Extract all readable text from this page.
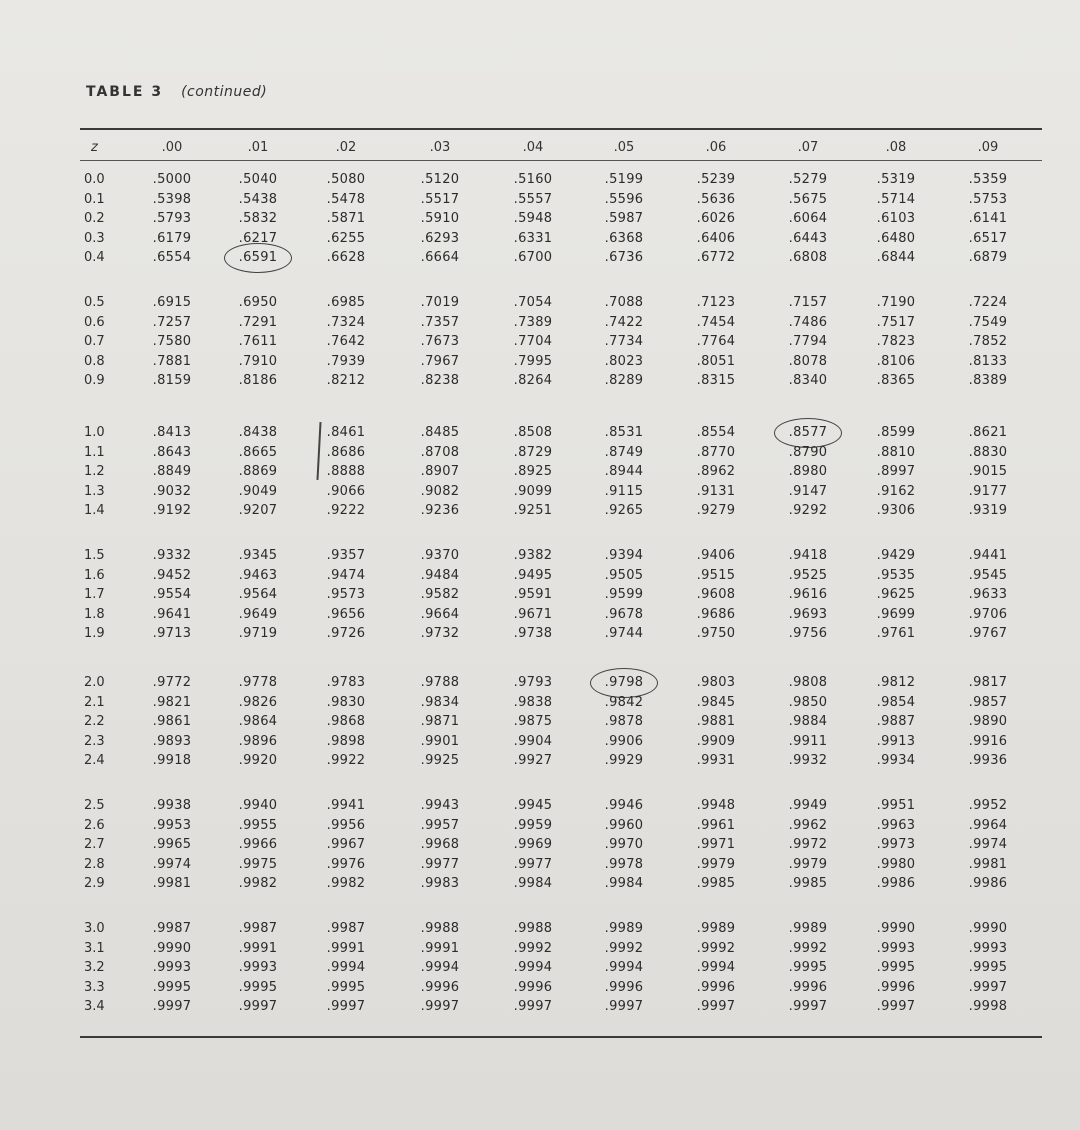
TABLE 3 (continued)
z	.00	.01	.02	.03	.04	.05	.06	.07	.08	.09
0.0	.5000	.5040	.5080	.5120	.5160	.5199	.5239	.5279	.5319	.5359
0.1	.5398	.5438	.5478	.5517	.5557	.5596	.5636	.5675	.5714	.5753
0.2	.5793	.5832	.5871	.5910	.5948	.5987	.6026	.6064	.6103	.6141
0.3	.6179	.6217	.6255	.6293	.6331	.6368	.6406	.6443	.6480	.6517
0.4	.6554	.6591	.6628	.6664	.6700	.6736	.6772	.6808	.6844	.6879
0.5	.6915	.6950	.6985	.7019	.7054	.7088	.7123	.7157	.7190	.7224
0.6	.7257	.7291	.7324	.7357	.7389	.7422	.7454	.7486	.7517	.7549
0.7	.7580	.7611	.7642	.7673	.7704	.7734	.7764	.7794	.7823	.7852
0.8	.7881	.7910	.7939	.7967	.7995	.8023	.8051	.8078	.8106	.8133
0.9	.8159	.8186	.8212	.8238	.8264	.8289	.8315	.8340	.8365	.8389
1.0	.8413	.8438	.8461	.8485	.8508	.8531	.8554	.8577	.8599	.8621
1.1	.8643	.8665	.8686	.8708	.8729	.8749	.8770	.8790	.8810	.8830
1.2	.8849	.8869	.8888	.8907	.8925	.8944	.8962	.8980	.8997	.9015
1.3	.9032	.9049	.9066	.9082	.9099	.9115	.9131	.9147	.9162	.9177
1.4	.9192	.9207	.9222	.9236	.9251	.9265	.9279	.9292	.9306	.9319
1.5	.9332	.9345	.9357	.9370	.9382	.9394	.9406	.9418	.9429	.9441
1.6	.9452	.9463	.9474	.9484	.9495	.9505	.9515	.9525	.9535	.9545
1.7	.9554	.9564	.9573	.9582	.9591	.9599	.9608	.9616	.9625	.9633
1.8	.9641	.9649	.9656	.9664	.9671	.9678	.9686	.9693	.9699	.9706
1.9	.9713	.9719	.9726	.9732	.9738	.9744	.9750	.9756	.9761	.9767
2.0	.9772	.9778	.9783	.9788	.9793	.9798	.9803	.9808	.9812	.9817
2.1	.9821	.9826	.9830	.9834	.9838	.9842	.9845	.9850	.9854	.9857
2.2	.9861	.9864	.9868	.9871	.9875	.9878	.9881	.9884	.9887	.9890
2.3	.9893	.9896	.9898	.9901	.9904	.9906	.9909	.9911	.9913	.9916
2.4	.9918	.9920	.9922	.9925	.9927	.9929	.9931	.9932	.9934	.9936
2.5	.9938	.9940	.9941	.9943	.9945	.9946	.9948	.9949	.9951	.9952
2.6	.9953	.9955	.9956	.9957	.9959	.9960	.9961	.9962	.9963	.9964
2.7	.9965	.9966	.9967	.9968	.9969	.9970	.9971	.9972	.9973	.9974
2.8	.9974	.9975	.9976	.9977	.9977	.9978	.9979	.9979	.9980	.9981
2.9	.9981	.9982	.9982	.9983	.9984	.9984	.9985	.9985	.9986	.9986
3.0	.9987	.9987	.9987	.9988	.9988	.9989	.9989	.9989	.9990	.9990
3.1	.9990	.9991	.9991	.9991	.9992	.9992	.9992	.9992	.9993	.9993
3.2	.9993	.9993	.9994	.9994	.9994	.9994	.9994	.9995	.9995	.9995
3.3	.9995	.9995	.9995	.9996	.9996	.9996	.9996	.9996	.9996	.9997
3.4	.9997	.9997	.9997	.9997	.9997	.9997	.9997	.9997	.9997	.9998
